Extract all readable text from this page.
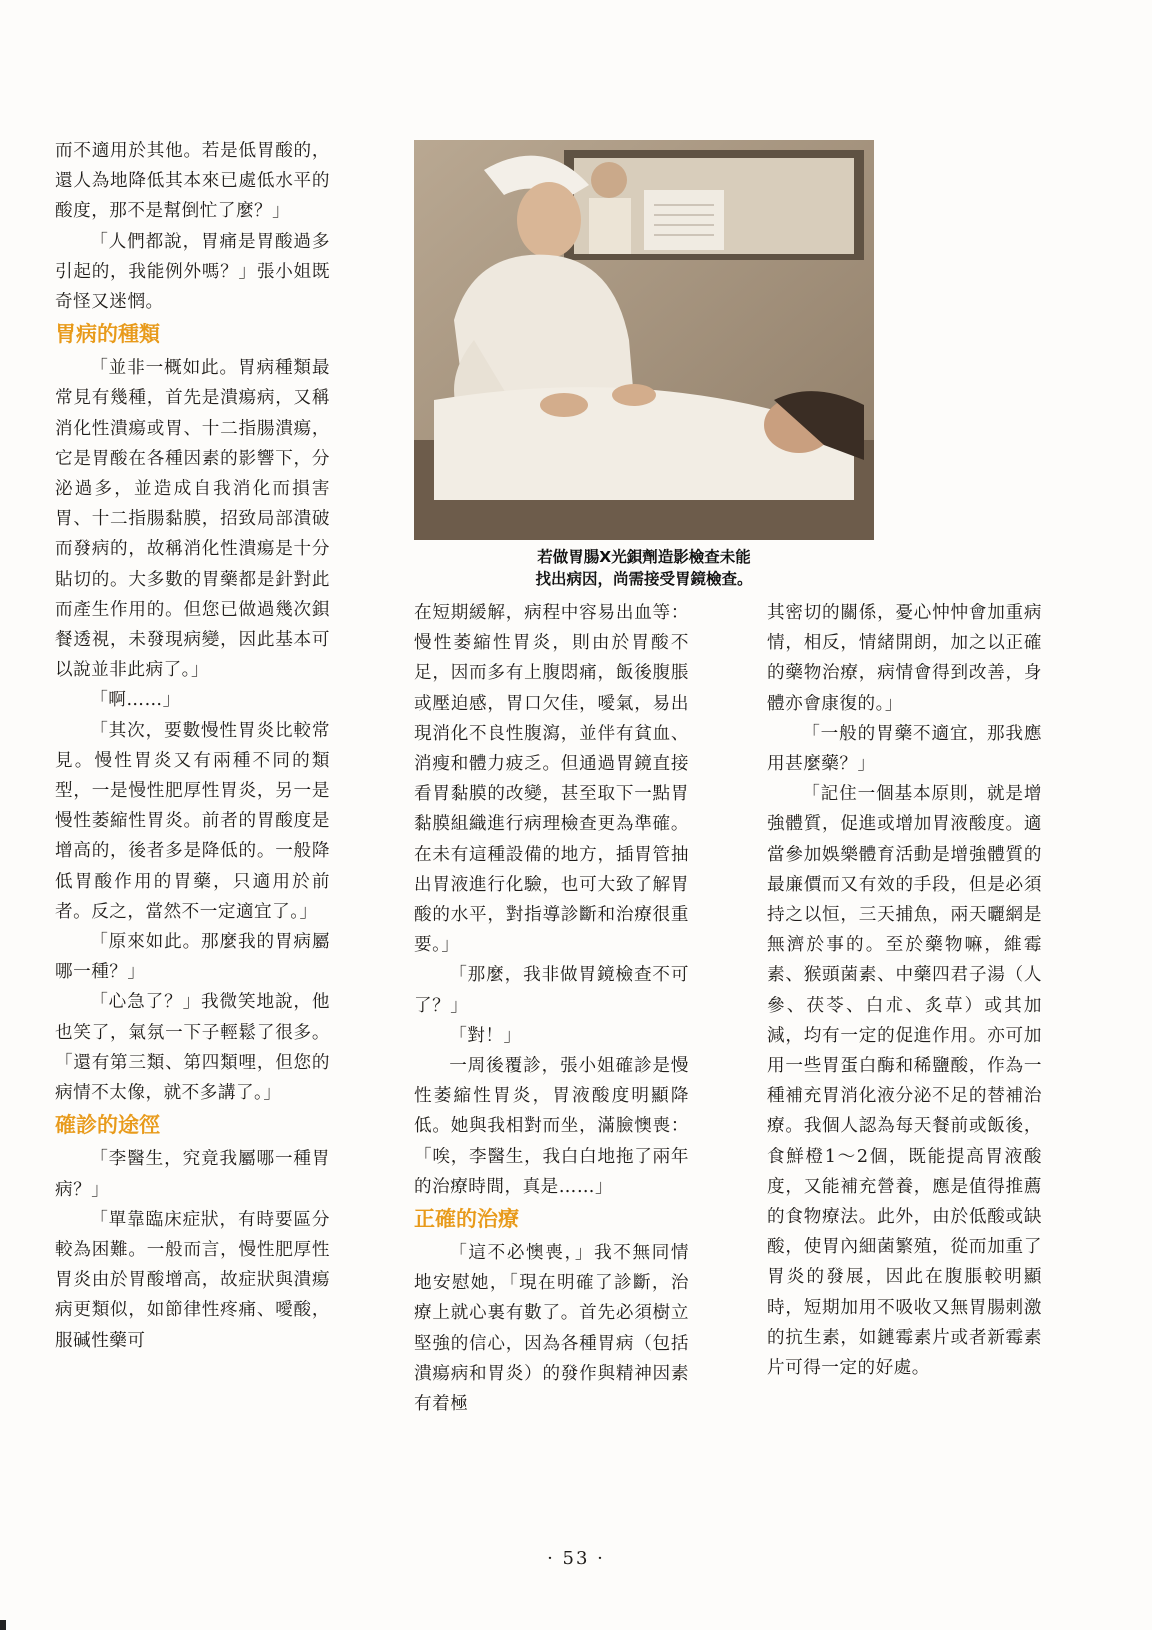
而不適用於其他。若是低胃酸的，還人為地降低其本來已處低水平的酸度，那不是幫倒忙了麼？」

「人們都說，胃痛是胃酸過多引起的，我能例外嗎？」張小姐既奇怪又迷惘。

胃病的種類

「並非一概如此。胃病種類最常見有幾種，首先是潰瘍病，又稱消化性潰瘍或胃、十二指腸潰瘍，它是胃酸在各種因素的影響下，分泌過多，並造成自我消化而損害胃、十二指腸黏膜，招致局部潰破而發病的，故稱消化性潰瘍是十分貼切的。大多數的胃藥都是針對此而產生作用的。但您已做過幾次鋇餐透視，未發現病變，因此基本可以說並非此病了。」

「啊……」

「其次，要數慢性胃炎比較常見。慢性胃炎又有兩種不同的類型，一是慢性肥厚性胃炎，另一是慢性萎縮性胃炎。前者的胃酸度是增高的，後者多是降低的。一般降低胃酸作用的胃藥，只適用於前者。反之，當然不一定適宜了。」

「原來如此。那麼我的胃病屬哪一種？」

「心急了？」我微笑地說，他也笑了，氣氛一下子輕鬆了很多。「還有第三類、第四類哩，但您的病情不太像，就不多講了。」

確診的途徑

「李醫生，究竟我屬哪一種胃病？」

「單靠臨床症狀，有時要區分較為困難。一般而言，慢性肥厚性胃炎由於胃酸增高，故症狀與潰瘍病更類似，如節律性疼痛、噯酸，服碱性藥可

若做胃腸X光鋇劑造影檢查未能
找出病因，尚需接受胃鏡檢查。

在短期緩解，病程中容易出血等：慢性萎縮性胃炎，則由於胃酸不足，因而多有上腹悶痛，飯後腹脹或壓迫感，胃口欠佳，噯氣，易出現消化不良性腹瀉，並伴有貧血、消瘦和體力疲乏。但通過胃鏡直接看胃黏膜的改變，甚至取下一點胃黏膜組織進行病理檢查更為準確。在未有這種設備的地方，插胃管抽出胃液進行化驗，也可大致了解胃酸的水平，對指導診斷和治療很重要。」

「那麼，我非做胃鏡檢查不可了？」

「對！」

一周後覆診，張小姐確診是慢性萎縮性胃炎，胃液酸度明顯降低。她與我相對而坐，滿臉懊喪：「唉，李醫生，我白白地拖了兩年的治療時間，真是……」

正確的治療

「這不必懊喪，」我不無同情地安慰她，「現在明確了診斷，治療上就心裏有數了。首先必須樹立堅強的信心，因為各種胃病（包括潰瘍病和胃炎）的發作與精神因素有着極

其密切的關係，憂心忡忡會加重病情，相反，情緒開朗，加之以正確的藥物治療，病情會得到改善，身體亦會康復的。」

「一般的胃藥不適宜，那我應用甚麼藥？」

「記住一個基本原則，就是增強體質，促進或增加胃液酸度。適當參加娛樂體育活動是增強體質的最廉價而又有效的手段，但是必須持之以恒，三天捕魚，兩天曬網是無濟於事的。至於藥物嘛，維霉素、猴頭菌素、中藥四君子湯（人參、茯苓、白朮、炙草）或其加減，均有一定的促進作用。亦可加用一些胃蛋白酶和稀鹽酸，作為一種補充胃消化液分泌不足的替補治療。我個人認為每天餐前或飯後，食鮮橙1～2個，既能提高胃液酸度，又能補充營養，應是值得推薦的食物療法。此外，由於低酸或缺酸，使胃內細菌繁殖，從而加重了胃炎的發展，因此在腹脹較明顯時，短期加用不吸收又無胃腸刺激的抗生素，如鏈霉素片或者新霉素片可得一定的好處。

· 53 ·
